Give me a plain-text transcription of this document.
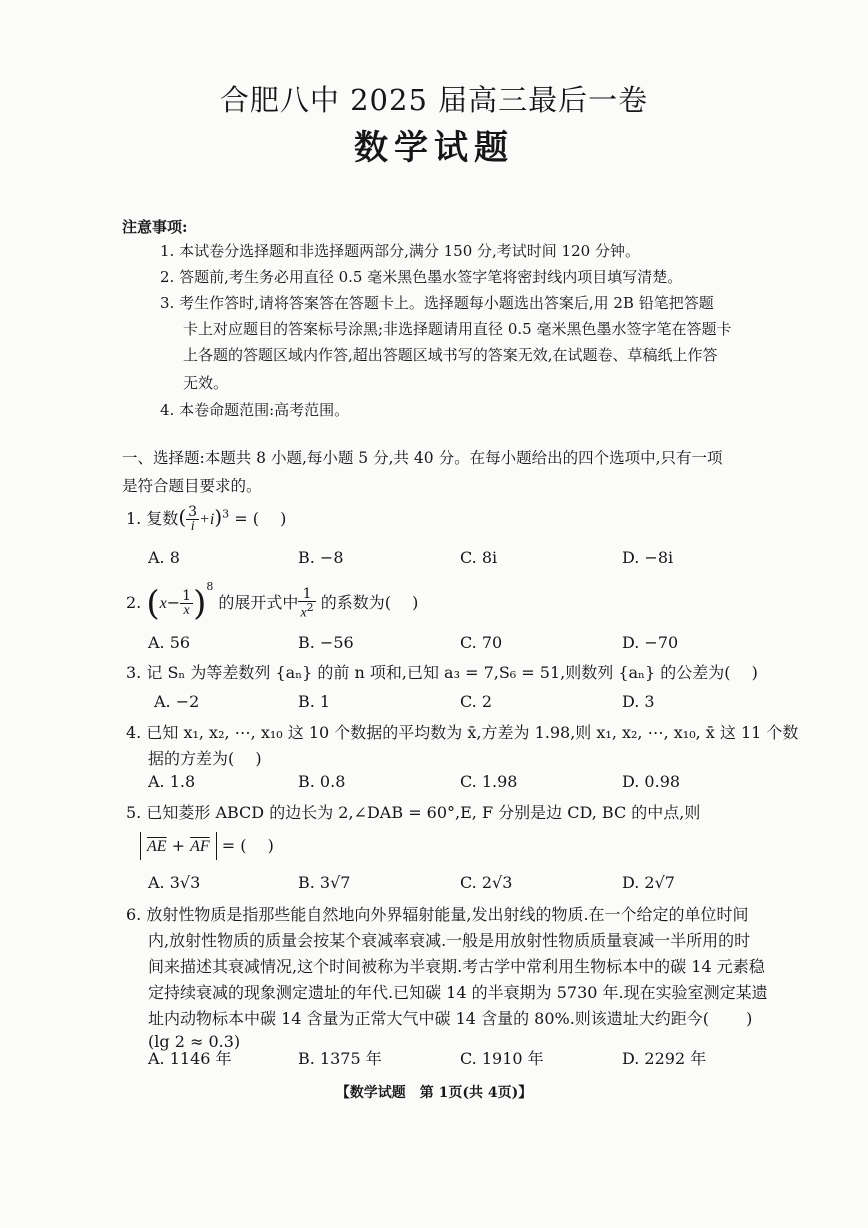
合肥八中 2025 届高三最后一卷
数学试题
注意事项:
1. 本试卷分选择题和非选择题两部分,满分 150 分,考试时间 120 分钟。
2. 答题前,考生务必用直径 0.5 毫米黑色墨水签字笔将密封线内项目填写清楚。
3. 考生作答时,请将答案答在答题卡上。选择题每小题选出答案后,用 2B 铅笔把答题
卡上对应题目的答案标号涂黑;非选择题请用直径 0.5 毫米黑色墨水签字笔在答题卡
上各题的答题区域内作答,超出答题区域书写的答案无效,在试题卷、草稿纸上作答
无效。
4. 本卷命题范围:高考范围。
一、选择题:本题共 8 小题,每小题 5 分,共 40 分。在每小题给出的四个选项中,只有一项
是符合题目要求的。
1. 复数( $\frac{3}{i} +i)^3$ = (　 )
A. 8	B. −8	C. 8i	D. −8i
2. $(x- \frac{1}{x} )^8$ 的展开式中 $\frac{1}{x^2}$ 的系数为(　 )
A. 56	B. −56	C. 70	D. −70
3. 记 Sₙ 为等差数列 {aₙ} 的前 n 项和,已知 a₃ = 7,S₆ = 51,则数列 {aₙ} 的公差为(　 )
A. −2	B. 1	C. 2	D. 3
4. 已知 x₁, x₂, ⋯, x₁₀ 这 10 个数据的平均数为 x̄,方差为 1.98,则 x₁, x₂, ⋯, x₁₀, x̄ 这 11 个数
据的方差为(　 )
A. 1.8	B. 0.8	C. 1.98	D. 0.98
5. 已知菱形 ABCD 的边长为 2,∠DAB = 60°,E, F 分别是边 CD, BC 的中点,则
$\overline{AE} + \overline{AF}$ = (　 )
A. 3√3	B. 3√7	C. 2√3	D. 2√7
6. 放射性物质是指那些能自然地向外界辐射能量,发出射线的物质.在一个给定的单位时间
内,放射性物质的质量会按某个衰减率衰减.一般是用放射性物质质量衰减一半所用的时
间来描述其衰减情况,这个时间被称为半衰期.考古学中常利用生物标本中的碳 14 元素稳
定持续衰减的现象测定遗址的年代.已知碳 14 的半衰期为 5730 年.现在实验室测定某遗
址内动物标本中碳 14 含量为正常大气中碳 14 含量的 80%.则该遗址大约距今(　　 )
(lg 2 ≈ 0.3)
A. 1146 年	B. 1375 年	C. 1910 年	D. 2292 年
【数学试题　第 1页(共 4页)】
